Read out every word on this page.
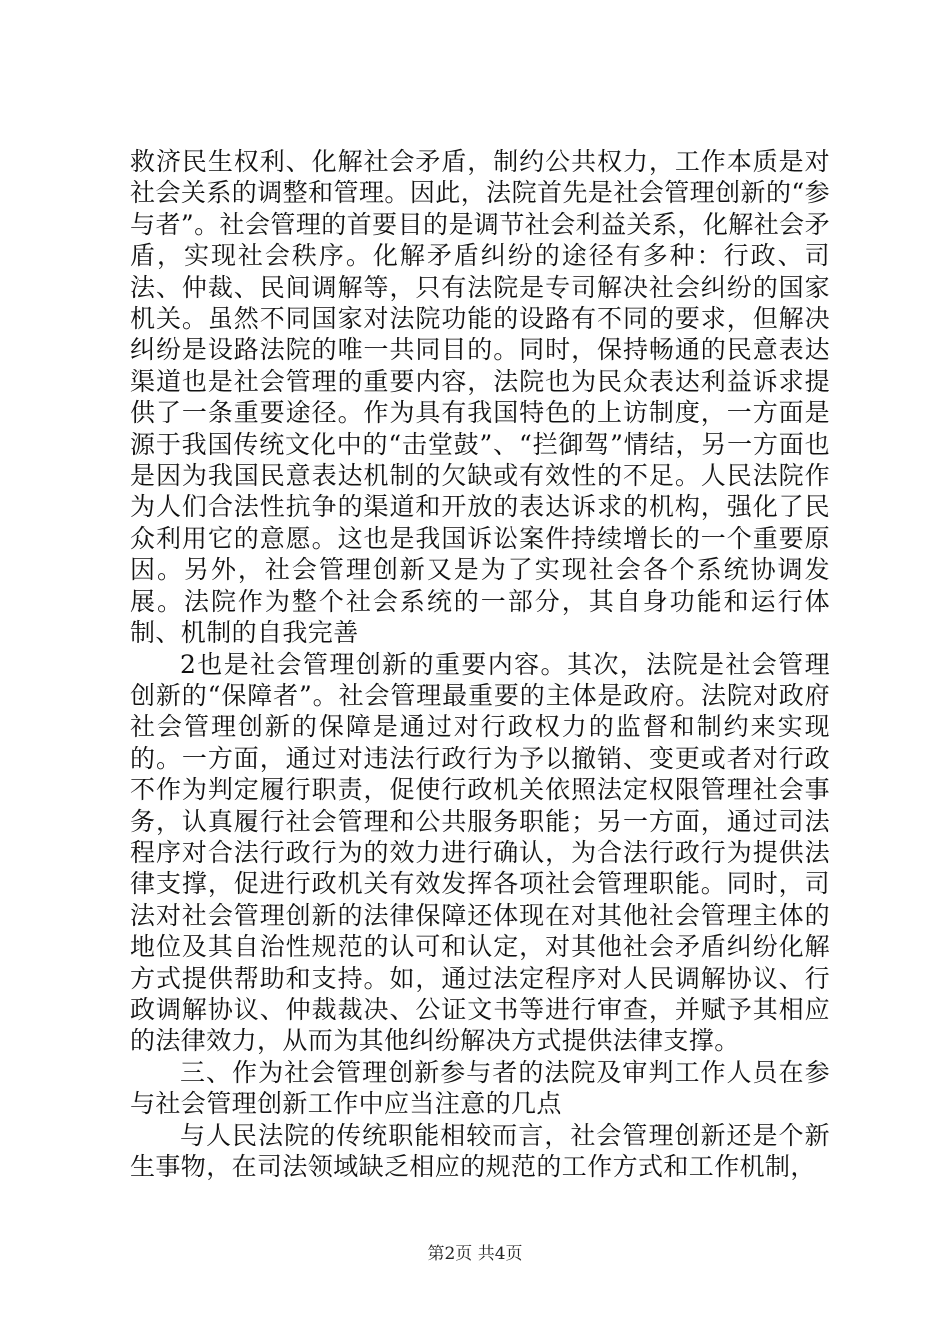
救济民生权利、化解社会矛盾，制约公共权力，工作本质是对社会关系的调整和管理。因此，法院首先是社会管理创新的“参与者”。社会管理的首要目的是调节社会利益关系，化解社会矛盾，实现社会秩序。化解矛盾纠纷的途径有多种：行政、司法、仲裁、民间调解等，只有法院是专司解决社会纠纷的国家机关。虽然不同国家对法院功能的设路有不同的要求，但解决纠纷是设路法院的唯一共同目的。同时，保持畅通的民意表达渠道也是社会管理的重要内容，法院也为民众表达利益诉求提供了一条重要途径。作为具有我国特色的上访制度，一方面是源于我国传统文化中的“击堂鼓”、“拦御驾”情结，另一方面也是因为我国民意表达机制的欠缺或有效性的不足。人民法院作为人们合法性抗争的渠道和开放的表达诉求的机构，强化了民众利用它的意愿。这也是我国诉讼案件持续增长的一个重要原因。另外，社会管理创新又是为了实现社会各个系统协调发展。法院作为整个社会系统的一部分，其自身功能和运行体制、机制的自我完善

2也是社会管理创新的重要内容。其次，法院是社会管理创新的“保障者”。社会管理最重要的主体是政府。法院对政府社会管理创新的保障是通过对行政权力的监督和制约来实现的。一方面，通过对违法行政行为予以撤销、变更或者对行政不作为判定履行职责，促使行政机关依照法定权限管理社会事务，认真履行社会管理和公共服务职能；另一方面，通过司法程序对合法行政行为的效力进行确认，为合法行政行为提供法律支撑，促进行政机关有效发挥各项社会管理职能。同时，司法对社会管理创新的法律保障还体现在对其他社会管理主体的地位及其自治性规范的认可和认定，对其他社会矛盾纠纷化解方式提供帮助和支持。如，通过法定程序对人民调解协议、行政调解协议、仲裁裁决、公证文书等进行审查，并赋予其相应的法律效力，从而为其他纠纷解决方式提供法律支撑。

三、作为社会管理创新参与者的法院及审判工作人员在参与社会管理创新工作中应当注意的几点

与人民法院的传统职能相较而言，社会管理创新还是个新生事物，在司法领域缺乏相应的规范的工作方式和工作机制，

第2页 共4页
